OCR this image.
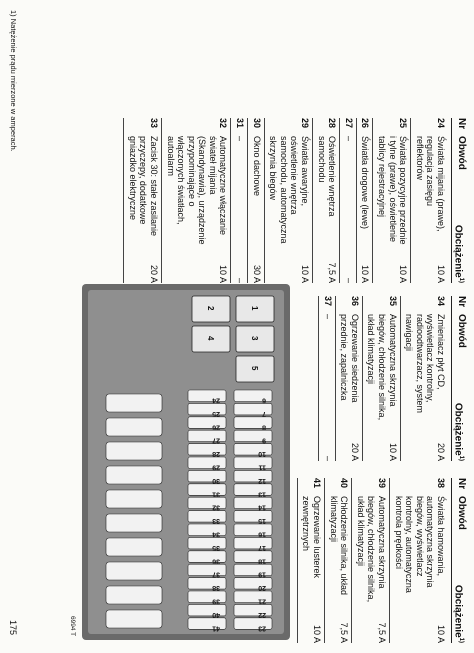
Nr
Obwód
Obciążenie$^{1)}$
24
Światła mijania (prawe), regulacja zasięgu reflektorów
10 A
25
Światła pozycyjne przednie i tylne (prawe), oświetlenie tablicy rejestracyjnej
10 A
26
Światła drogowe (lewe)
10 A
27
–
–
28
Oświetlenie wnętrza samochodu
7,5 A
29
Światła awaryjne, oświetlenie wnętrza samochodu, automatyczna skrzynia biegów
10 A
30
Okno dachowe
30 A
31
–
–
32
Automatyczne włączanie świateł mijania (Skandynawia), urządzenie przypominające o włączonych światłach, autoalarm
10 A
33
Zacisk 30: stałe zasilanie przyczepy, dodatkowe gniazdko elektryczne
20 A
Nr
Obwód
Obciążenie$^{1)}$
34
Zmieniacz płyt CD, wyświetlacz kontrolny, radioodtwarzacz, system nawigacji
20 A
35
Automatyczna skrzynia biegów, chłodzenie silnika, układ klimatyzacji
10 A
36
Ogrzewanie siedzenia przednie, zapalniczka
20 A
37
–
–
Nr
Obwód
Obciążenie$^{1)}$
38
Światła hamowania, automatyczna skrzynia biegów, wyświetlacz kontrolny, automatyczna kontrola prędkości
10 A
39
Automatyczna skrzynia biegów, chłodzenie silnika, układ klimatyzacji
7,5 A
40
Chłodzenie silnika, układ klimatyzacji
7,5 A
41
Ogrzewanie lusterek zewnętrznych
10 A
1
2
3
4
5
6
7
8
9
10
11
12
13
14
15
16
17
18
19
20
21
22
23
24
25
26
27
28
29
30
31
32
33
34
35
36
37
38
39
40
41
6994 T
1) Natężenie prądu mierzone w amperach.
175
